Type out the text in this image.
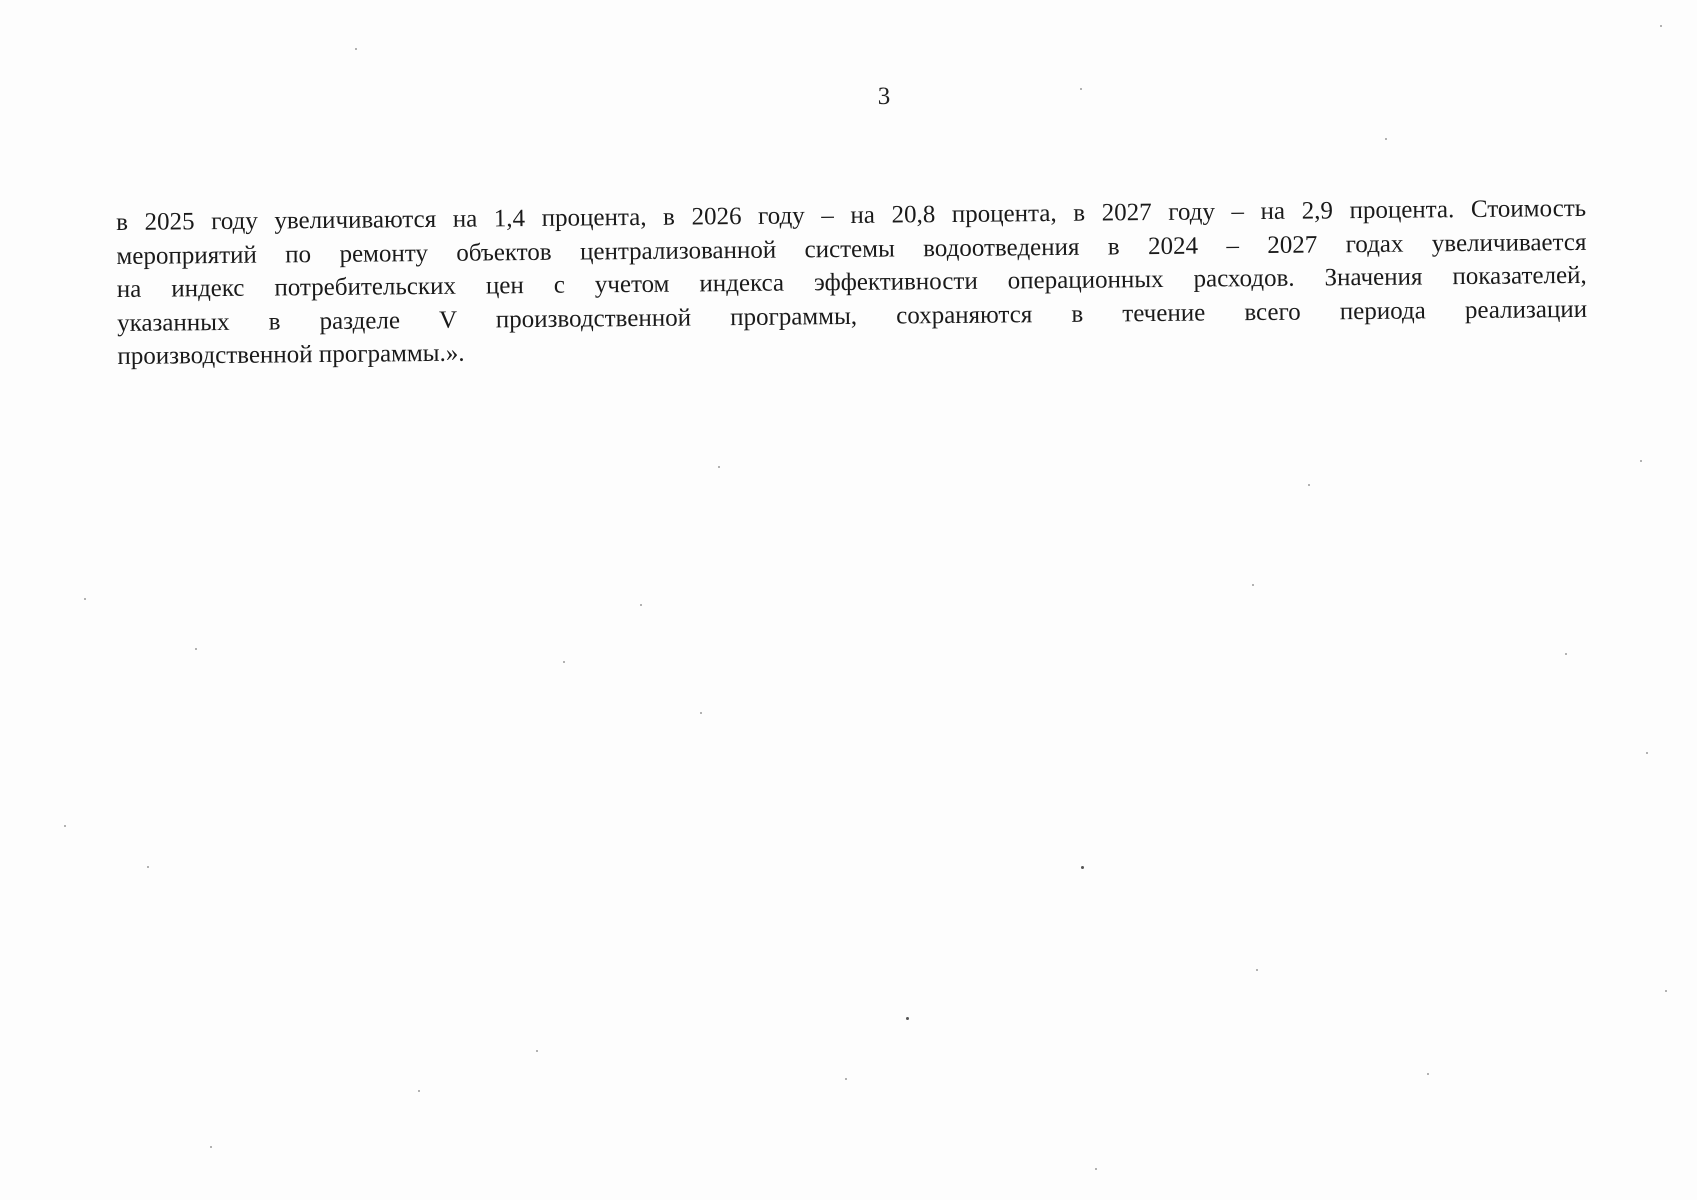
3
в 2025 году увеличиваются на 1,4 процента, в 2026 году – на 20,8 процента, в 2027 году – на 2,9 процента. Стоимость
мероприятий по ремонту объектов централизованной системы водоотведения в 2024 – 2027 годах увеличивается
на индекс потребительских цен с учетом индекса эффективности операционных расходов. Значения показателей,
указанных в разделе V производственной программы, сохраняются в течение всего периода реализации
производственной программы.».
